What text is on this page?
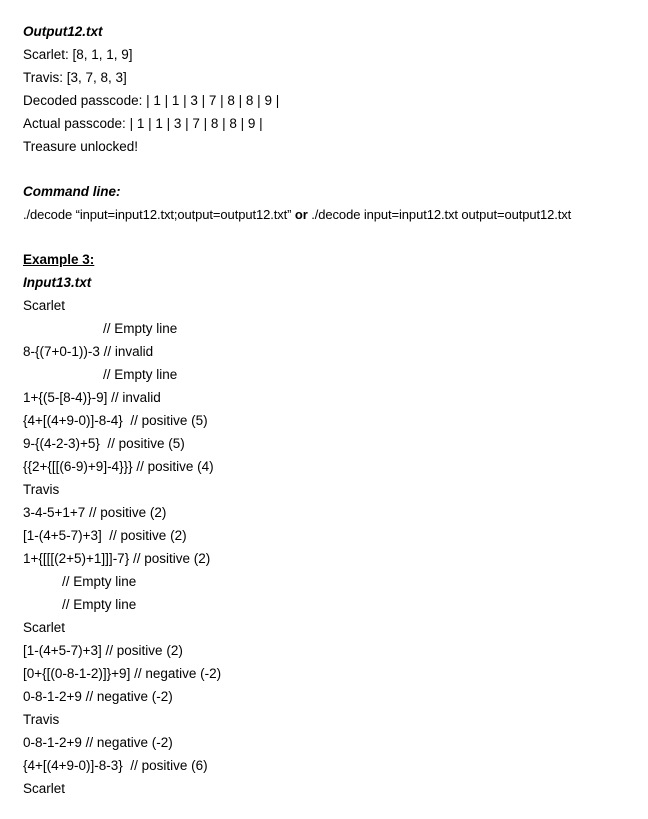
Output12.txt
Scarlet: [8, 1, 1, 9]
Travis: [3, 7, 8, 3]
Decoded passcode: | 1 | 1 | 3 | 7 | 8 | 8 | 9 |
Actual passcode: | 1 | 1 | 3 | 7 | 8 | 8 | 9 |
Treasure unlocked!
Command line:
./decode “input=input12.txt;output=output12.txt” or ./decode input=input12.txt output=output12.txt
Example 3:
Input13.txt
Scarlet
// Empty line
8-{(7+0-1))-3 // invalid
// Empty line
1+{(5-[8-4)}-9] // invalid
{4+[(4+9-0)]-8-4}  // positive (5)
9-{(4-2-3)+5}  // positive (5)
{{2+{[[(6-9)+9]-4}}} // positive (4)
Travis
3-4-5+1+7 // positive (2)
[1-(4+5-7)+3]  // positive (2)
1+{[[[(2+5)+1]]]-7} // positive (2)
// Empty line
// Empty line
Scarlet
[1-(4+5-7)+3] // positive (2)
[0+{[(0-8-1-2)]}+9] // negative (-2)
0-8-1-2+9 // negative (-2)
Travis
0-8-1-2+9 // negative (-2)
{4+[(4+9-0)]-8-3}  // positive (6)
Scarlet
